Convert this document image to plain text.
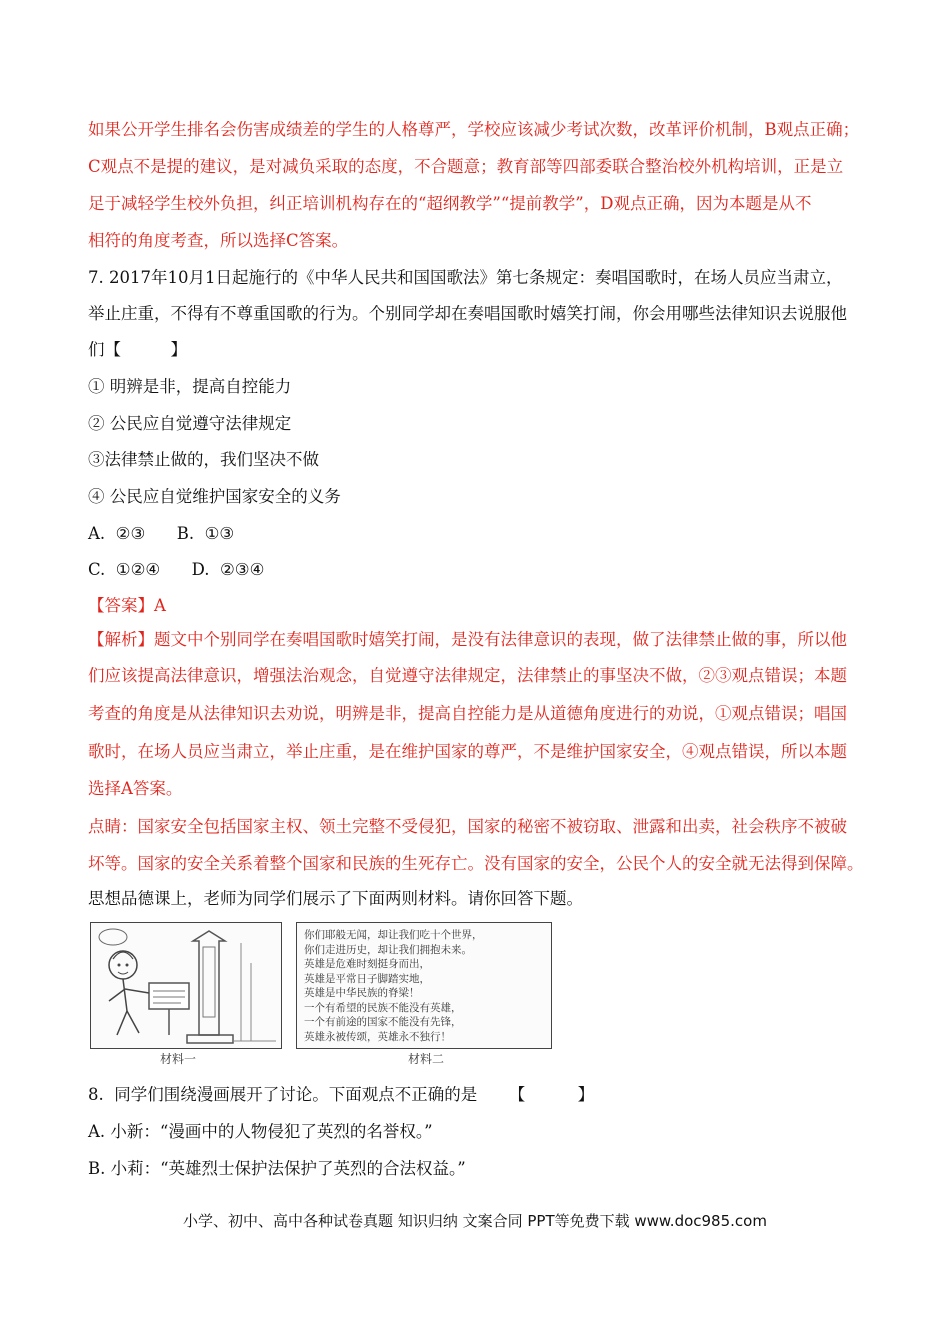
如果公开学生排名会伤害成绩差的学生的人格尊严，学校应该减少考试次数，改革评价机制，B观点正确；
C观点不是提的建议，是对减负采取的态度，不合题意；教育部等四部委联合整治校外机构培训，正是立
足于减轻学生校外负担，纠正培训机构存在的“超纲教学”“提前教学”，D观点正确，因为本题是从不
相符的角度考查，所以选择C答案。
7. 2017年10月1日起施行的《中华人民共和国国歌法》第七条规定：奏唱国歌时，在场人员应当肃立，
举止庄重，不得有不尊重国歌的行为。个别同学却在奏唱国歌时嬉笑打闹，你会用哪些法律知识去说服他
们【　　　】
① 明辨是非，提高自控能力
② 公民应自觉遵守法律规定
③法律禁止做的，我们坚决不做
④ 公民应自觉维护国家安全的义务
A.  ②③      B.  ①③
C.  ①②④      D.  ②③④
【答案】A
【解析】题文中个别同学在奏唱国歌时嬉笑打闹，是没有法律意识的表现，做了法律禁止做的事，所以他
们应该提高法律意识，增强法治观念，自觉遵守法律规定，法律禁止的事坚决不做，②③观点错误；本题
考查的角度是从法律知识去劝说，明辨是非，提高自控能力是从道德角度进行的劝说，①观点错误；唱国
歌时，在场人员应当肃立，举止庄重，是在维护国家的尊严，不是维护国家安全，④观点错误，所以本题
选择A答案。
点睛：国家安全包括国家主权、领土完整不受侵犯，国家的秘密不被窃取、泄露和出卖，社会秩序不被破
坏等。国家的安全关系着整个国家和民族的生死存亡。没有国家的安全，公民个人的安全就无法得到保障。
思想品德课上，老师为同学们展示了下面两则材料。请你回答下题。
你们耶般无闻，却让我们吃十个世界，
你们走进历史，却让我们拥抱未来。
英雄是危难时刻挺身而出，
英雄是平常日子脚踏实地，
英雄是中华民族的脊梁！
一个有希望的民族不能没有英雄，
一个有前途的国家不能没有先锋，
英雄永被传颂，英雄永不独行！
材料一	材料二
8.  同学们围绕漫画展开了讨论。下面观点不正确的是      【          】
A. 小新：“漫画中的人物侵犯了英烈的名誉权。”
B. 小莉：“英雄烈士保护法保护了英烈的合法权益。”
小学、初中、高中各种试卷真题 知识归纳 文案合同 PPT等免费下载 www.doc985.com
